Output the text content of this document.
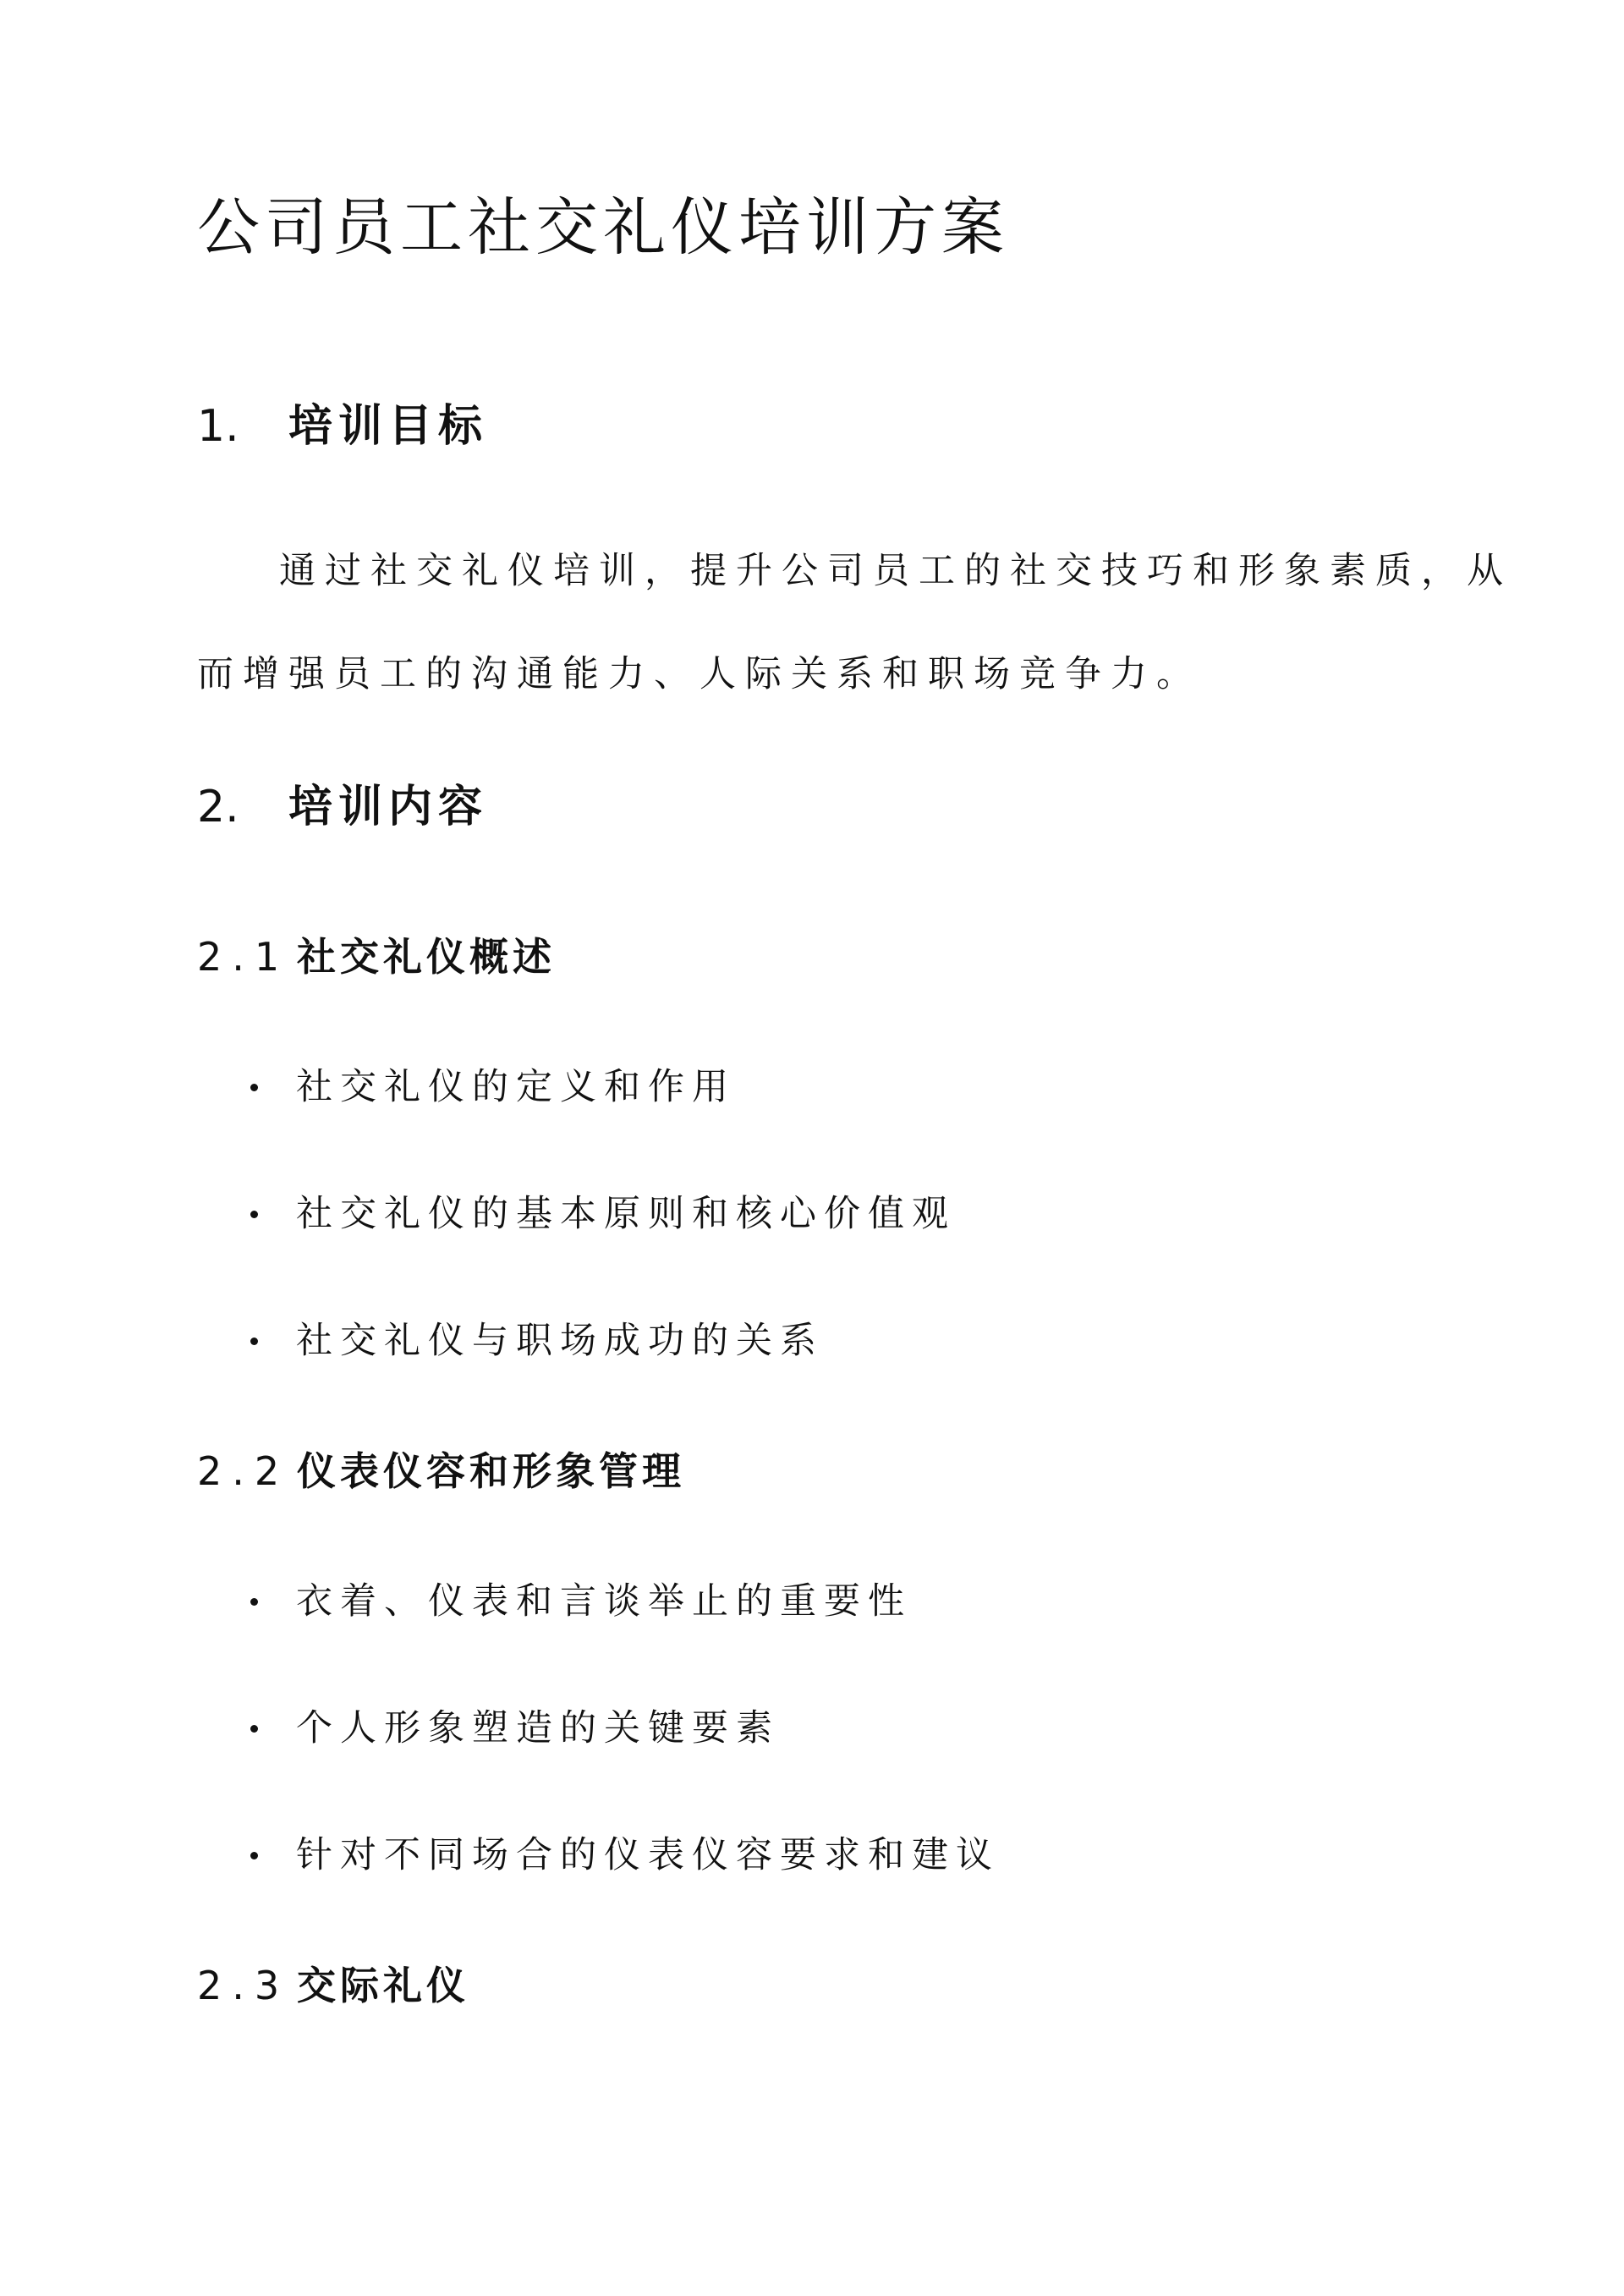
公司员工社交礼仪培训方案
1. 培训目标
通过社交礼仪培训，提升公司员工的社交技巧和形象素质，从
而增强员工的沟通能力、人际关系和职场竞争力。
2. 培训内容
2.1 社交礼仪概述
社交礼仪的定义和作用
社交礼仪的基本原则和核心价值观
社交礼仪与职场成功的关系
2.2 仪表仪容和形象管理
衣着、仪表和言谈举止的重要性
个人形象塑造的关键要素
针对不同场合的仪表仪容要求和建议
2.3 交际礼仪
